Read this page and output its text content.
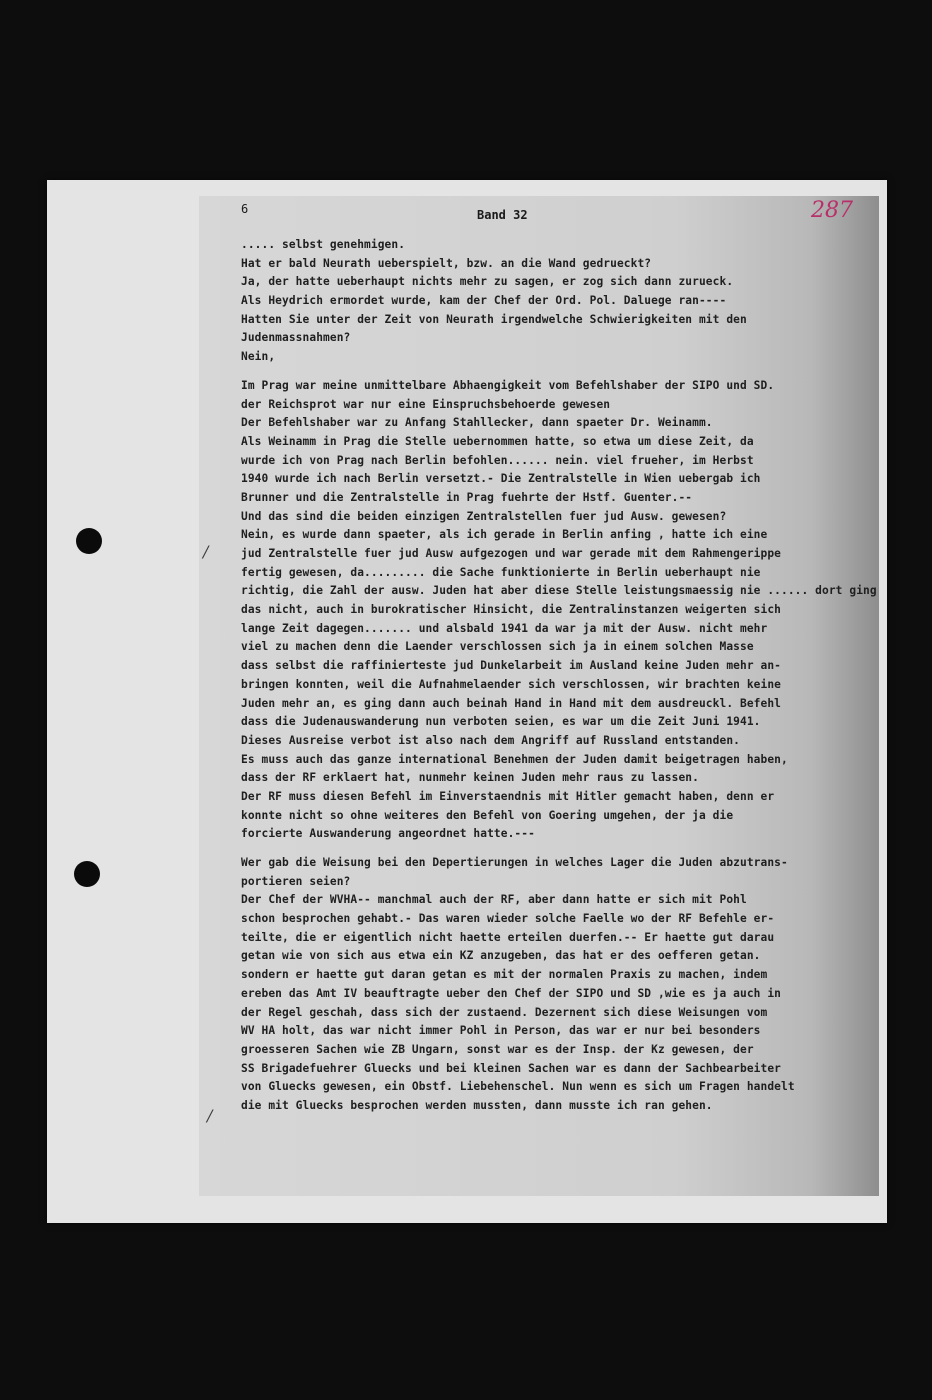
6	Band 32	287
..... selbst genehmigen.
Hat er bald Neurath ueberspielt, bzw. an die Wand gedrueckt?
Ja, der hatte ueberhaupt nichts mehr zu sagen, er zog sich dann zurueck.
Als Heydrich ermordet wurde, kam der Chef der Ord. Pol. Daluege ran----
Hatten Sie unter der Zeit von Neurath irgendwelche Schwierigkeiten mit den
Judenmassnahmen?
Nein,
Im Prag war meine unmittelbare Abhaengigkeit vom Befehlshaber der SIPO und SD.
der Reichsprot war nur eine Einspruchsbehoerde gewesen
Der Befehlshaber war zu Anfang Stahllecker, dann spaeter Dr. Weinamm.
Als Weinamm in Prag die Stelle uebernommen hatte, so etwa um diese Zeit, da
wurde ich von Prag nach Berlin befohlen...... nein. viel frueher, im Herbst
1940 wurde ich nach Berlin versetzt.- Die Zentralstelle in Wien uebergab ich
Brunner und die Zentralstelle in Prag fuehrte der Hstf. Guenter.--
Und das sind die beiden einzigen Zentralstellen fuer jud Ausw. gewesen?
Nein, es wurde dann spaeter, als ich gerade in Berlin anfing , hatte ich eine
jud Zentralstelle fuer jud Ausw aufgezogen und war gerade mit dem Rahmengerippe
fertig gewesen, da......... die Sache funktionierte in Berlin ueberhaupt nie
richtig, die Zahl der ausw. Juden hat aber diese Stelle leistungsmaessig nie ...... dort ging
das nicht, auch in burokratischer Hinsicht, die Zentralinstanzen weigerten sich
lange Zeit dagegen....... und alsbald 1941 da war ja mit der Ausw. nicht mehr
viel zu machen denn die Laender verschlossen sich ja in einem solchen Masse
dass selbst die raffinierteste jud Dunkelarbeit im Ausland keine Juden mehr an-
bringen konnten, weil die Aufnahmelaender sich verschlossen, wir brachten keine
Juden mehr an, es ging dann auch beinah Hand in Hand mit dem ausdreuckl. Befehl
dass die Judenauswanderung nun verboten seien, es war um die Zeit Juni 1941.
Dieses Ausreise verbot ist also nach dem Angriff auf Russland entstanden.
Es muss auch das ganze international Benehmen der Juden damit beigetragen haben,
dass der RF erklaert hat, nunmehr keinen Juden mehr raus zu lassen.
Der RF muss diesen Befehl im Einverstaendnis mit Hitler gemacht haben, denn er
konnte nicht so ohne weiteres den Befehl von Goering umgehen, der ja die
forcierte Auswanderung angeordnet hatte.---
Wer gab die Weisung bei den Depertierungen in welches Lager die Juden abzutrans-
portieren seien?
Der Chef der WVHA-- manchmal auch der RF, aber dann hatte er sich mit Pohl
schon besprochen gehabt.- Das waren wieder solche Faelle wo der RF Befehle er-
teilte, die er eigentlich nicht haette erteilen duerfen.-- Er haette gut darau
getan wie von sich aus etwa ein KZ anzugeben, das hat er des oefferen getan.
sondern er haette gut daran getan es mit der normalen Praxis zu machen, indem
ereben das Amt IV beauftragte ueber den Chef der SIPO und SD ,wie es ja auch in
der Regel geschah, dass sich der zustaend. Dezernent sich diese Weisungen vom
WV HA holt, das war nicht immer Pohl in Person, das war er nur bei besonders
groesseren Sachen wie ZB Ungarn, sonst war es der Insp. der Kz gewesen, der
SS Brigadefuehrer Gluecks und bei kleinen Sachen war es dann der Sachbearbeiter
von Gluecks gewesen, ein Obstf. Liebehenschel. Nun wenn es sich um Fragen handelt
die mit Gluecks besprochen werden mussten, dann musste ich ran gehen.
/
/
